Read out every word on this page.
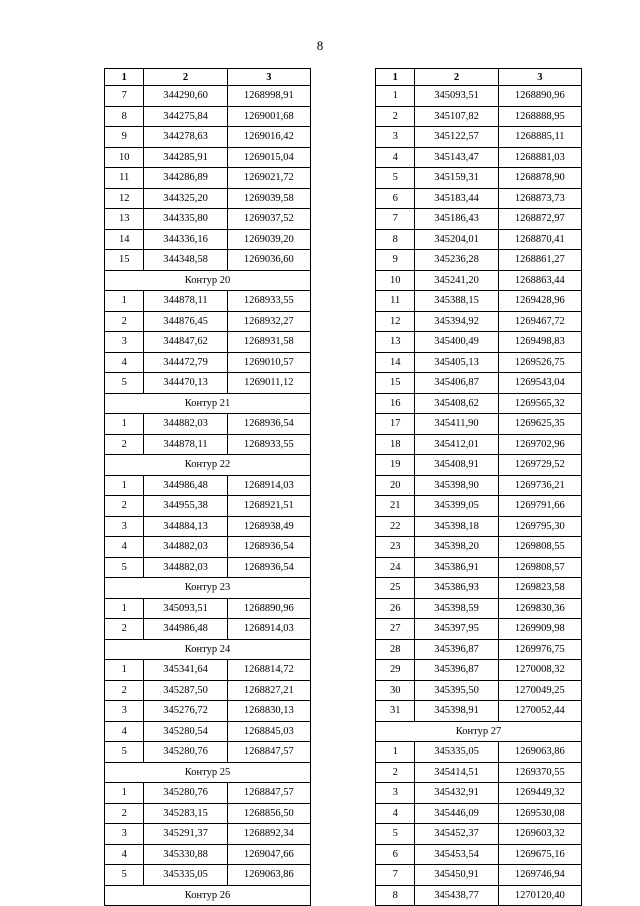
8
1	2	3
7	344290,60	1268998,91
8	344275,84	1269001,68
9	344278,63	1269016,42
10	344285,91	1269015,04
11	344286,89	1269021,72
12	344325,20	1269039,58
13	344335,80	1269037,52
14	344336,16	1269039,20
15	344348,58	1269036,60
Контур 20		
1	344878,11	1268933,55
2	344876,45	1268932,27
3	344847,62	1268931,58
4	344472,79	1269010,57
5	344470,13	1269011,12
Контур 21		
1	344882,03	1268936,54
2	344878,11	1268933,55
Контур 22		
1	344986,48	1268914,03
2	344955,38	1268921,51
3	344884,13	1268938,49
4	344882,03	1268936,54
5	344882,03	1268936,54
Контур 23		
1	345093,51	1268890,96
2	344986,48	1268914,03
Контур 24		
1	345341,64	1268814,72
2	345287,50	1268827,21
3	345276,72	1268830,13
4	345280,54	1268845,03
5	345280,76	1268847,57
Контур 25		
1	345280,76	1268847,57
2	345283,15	1268856,50
3	345291,37	1268892,34
4	345330,88	1269047,66
5	345335,05	1269063,86
Контур 26		
1	2	3
1	345093,51	1268890,96
2	345107,82	1268888,95
3	345122,57	1268885,11
4	345143,47	1268881,03
5	345159,31	1268878,90
6	345183,44	1268873,73
7	345186,43	1268872,97
8	345204,01	1268870,41
9	345236,28	1268861,27
10	345241,20	1268863,44
11	345388,15	1269428,96
12	345394,92	1269467,72
13	345400,49	1269498,83
14	345405,13	1269526,75
15	345406,87	1269543,04
16	345408,62	1269565,32
17	345411,90	1269625,35
18	345412,01	1269702,96
19	345408,91	1269729,52
20	345398,90	1269736,21
21	345399,05	1269791,66
22	345398,18	1269795,30
23	345398,20	1269808,55
24	345386,91	1269808,57
25	345386,93	1269823,58
26	345398,59	1269830,36
27	345397,95	1269909,98
28	345396,87	1269976,75
29	345396,87	1270008,32
30	345395,50	1270049,25
31	345398,91	1270052,44
Контур 27		
1	345335,05	1269063,86
2	345414,51	1269370,55
3	345432,91	1269449,32
4	345446,09	1269530,08
5	345452,37	1269603,32
6	345453,54	1269675,16
7	345450,91	1269746,94
8	345438,77	1270120,40
